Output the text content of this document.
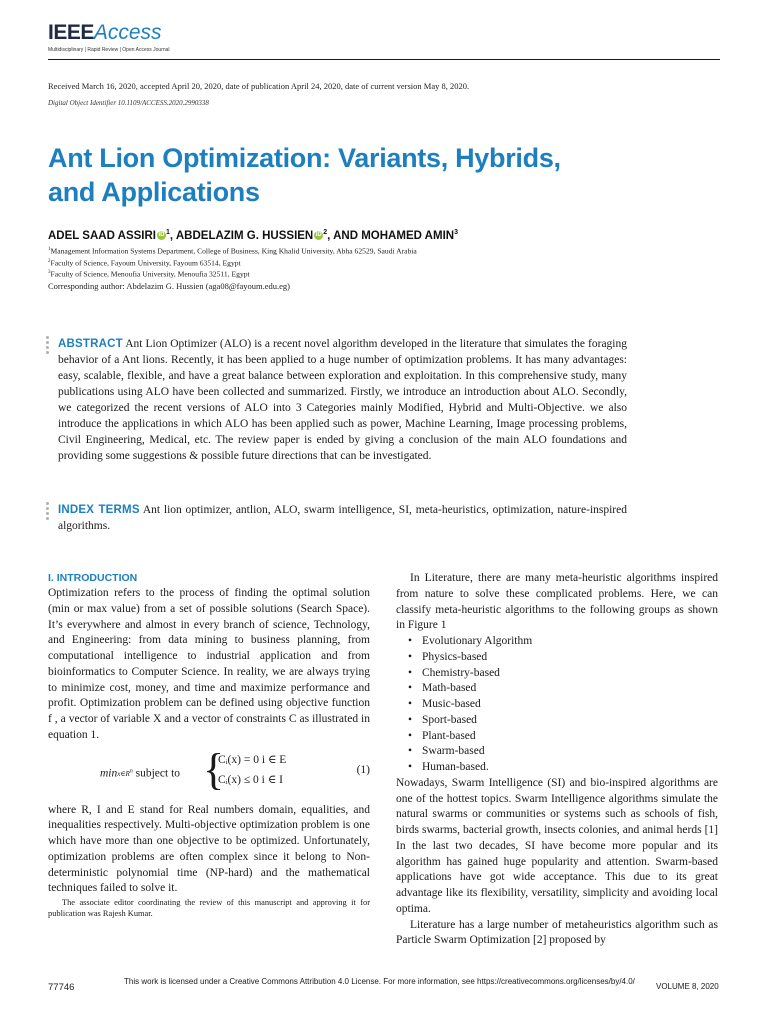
IEEEAccess
Multidisciplinary | Rapid Review | Open Access Journal
Received March 16, 2020, accepted April 20, 2020, date of publication April 24, 2020, date of current version May 8, 2020.
Digital Object Identifier 10.1109/ACCESS.2020.2990338
Ant Lion Optimization: Variants, Hybrids,
and Applications
ADEL SAAD ASSIRI iD $^1$, ABDELAZIM G. HUSSIEN iD $^2$, AND MOHAMED AMIN$^3$
$^1$Management Information Systems Department, College of Business, King Khalid University, Abha 62529, Saudi Arabia
$^2$Faculty of Science, Fayoum University, Fayoum 63514, Egypt
$^3$Faculty of Science, Menoufia University, Menoufia 32511, Egypt
Corresponding author: Abdelazim G. Hussien (aga08@fayoum.edu.eg)

ABSTRACT Ant Lion Optimizer (ALO) is a recent novel algorithm developed in the literature that simulates the foraging behavior of a Ant lions. Recently, it has been applied to a huge number of optimization problems. It has many advantages: easy, scalable, flexible, and have a great balance between exploration and exploitation. In this comprehensive study, many publications using ALO have been collected and summarized. Firstly, we introduce an introduction about ALO. Secondly, we categorized the recent versions of ALO into 3 Categories mainly Modified, Hybrid and Multi-Objective. we also introduce the applications in which ALO has been applied such as power, Machine Learning, Image processing problems, Civil Engineering, Medical, etc. The review paper is ended by giving a conclusion of the main ALO foundations and providing some suggestions & possible future directions that can be investigated.

INDEX TERMS Ant lion optimizer, antlion, ALO, swarm intelligence, SI, meta-heuristics, optimization, nature-inspired algorithms.

I. INTRODUCTION

Optimization refers to the process of finding the optimal solution (min or max value) from a set of possible solutions (Search Space). It’s everywhere and almost in every branch of science, Technology, and Engineering: from data mining to business planning, from computational intelligence to industrial application and from bioinformatics to Computer Science. In reality, we are always trying to minimize cost, money, and time and maximize performance and profit. Optimization problem can be defined using objective function f , a vector of variable X and a vector of constraints C as illustrated in equation 1.

$\min x\in R^n$ subject to {
Cᵢ(x) = 0 i ∈ E
Cᵢ(x) ≤ 0 i ∈ I
(1)

where R, I and E stand for Real numbers domain, equalities, and inequalities respectively. Multi-objective optimization problem is one which have more than one objective to be optimized. Unfortunately, optimization problems are often complex since it belong to Non-deterministic polynomial time (NP-hard) and the mathematical techniques failed to solve it.

The associate editor coordinating the review of this manuscript and approving it for publication was Rajesh Kumar.

In Literature, there are many meta-heuristic algorithms inspired from nature to solve these complicated problems. Here, we can classify meta-heuristic algorithms to the following groups as shown in Figure 1

• Evolutionary Algorithm
• Physics-based
• Chemistry-based
• Math-based
• Music-based
• Sport-based
• Plant-based
• Swarm-based
• Human-based.

Nowadays, Swarm Intelligence (SI) and bio-inspired algorithms are one of the hottest topics. Swarm Intelligence algorithms simulate the natural swarms or communities or systems such as schools of fish, birds swarms, bacterial growth, insects colonies, and animal herds [1] In the last two decades, SI have become more popular and its algorithm has gained huge popularity and attention. Swarm-based applications have got wide acceptance. This due to its great advantage like its flexibility, versatility, simplicity and avoiding local optima.

Literature has a large number of metaheuristics algorithm such as Particle Swarm Optimization [2] proposed by

77746
This work is licensed under a Creative Commons Attribution 4.0 License. For more information, see https://creativecommons.org/licenses/by/4.0/
VOLUME 8, 2020
